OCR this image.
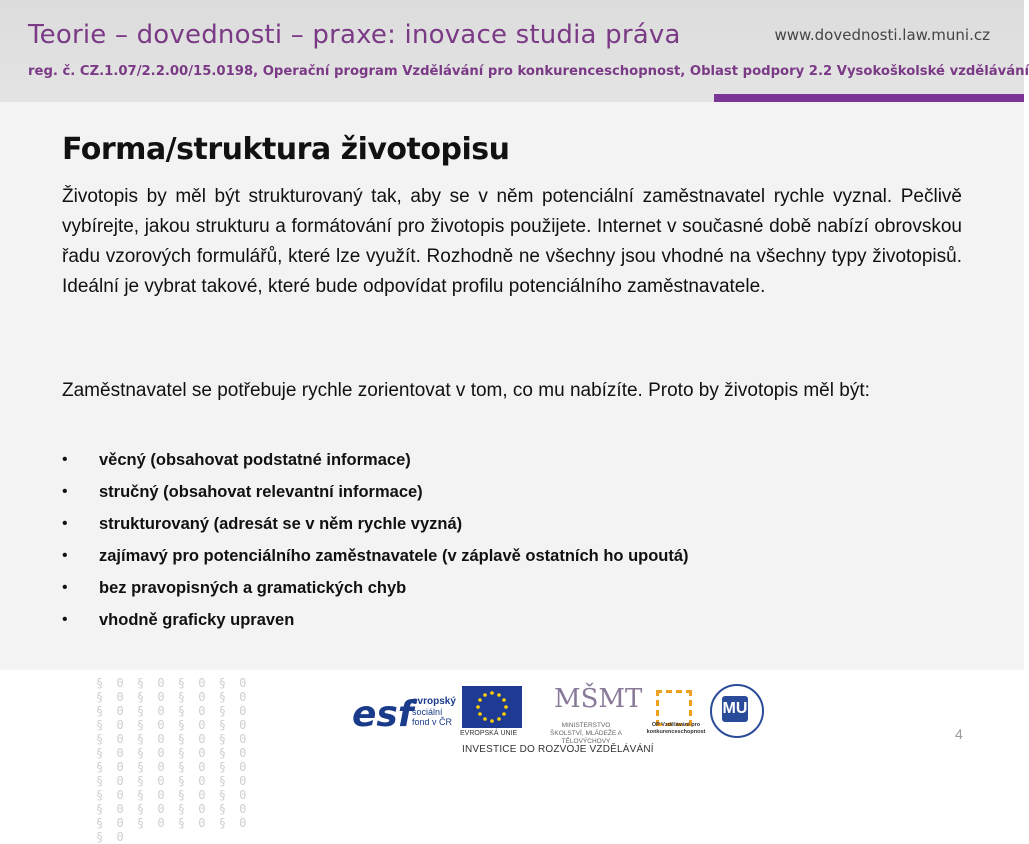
Teorie – dovednosti – praxe: inovace studia práva	www.dovednosti.law.muni.cz
reg. č. CZ.1.07/2.2.00/15.0198, Operační program Vzdělávání pro konkurenceschopnost, Oblast podpory 2.2 Vysokoškolské vzdělávání
Forma/struktura životopisu
Životopis by měl být strukturovaný tak, aby se v něm potenciální zaměstnavatel rychle vyznal. Pečlivě vybírejte, jakou strukturu a formátování pro životopis použijete. Internet v současné době nabízí obrovskou řadu vzorových formulářů, které lze využít. Rozhodně ne všechny jsou vhodné na všechny typy životopisů. Ideální je vybrat takové, které bude odpovídat profilu potenciálního zaměstnavatele.
Zaměstnavatel se potřebuje rychle zorientovat v tom, co mu nabízíte. Proto by životopis měl být:
• věcný (obsahovat podstatné informace)
• stručný (obsahovat relevantní informace)
• strukturovaný (adresát se v něm rychle vyzná)
• zajímavý pro potenciálního zaměstnavatele (v záplavě ostatních ho upoutá)
• bez pravopisných a gramatických chyb
• vhodně graficky upraven
§ 0 § 0 § 0 § 0 § 0 § 0 § 0 § 0 § 0 § 0 § 0 § 0 § 0 § 0 § 0 § 0 § 0 § 0 § 0 § 0 § 0 § 0 § 0 § 0 § 0 § 0 § 0 § 0 § 0 § 0 § 0 § 0 § 0 § 0 § 0 § 0 § 0 § 0 § 0 § 0 § 0 § 0 § 0 § 0 § 0
esf
evropský
sociální
fond v ČR
EVROPSKÁ UNIE
MŠMT
MINISTERSTVO ŠKOLSTVÍ, MLÁDEŽE A TĚLOVÝCHOVY
OP Vzdělávání pro konkurenceschopnost
MU
INVESTICE DO ROZVOJE VZDĚLÁVÁNÍ
4
